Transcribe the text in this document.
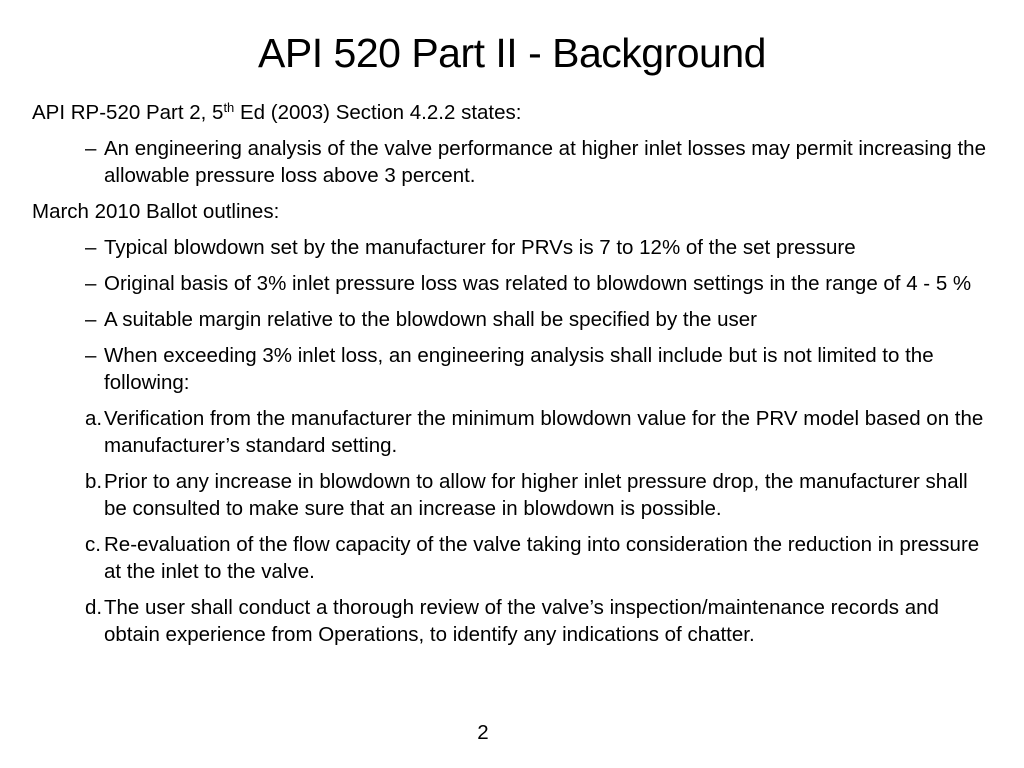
API 520 Part II - Background

API RP-520 Part 2, 5th Ed (2003) Section 4.2.2 states:

– An engineering analysis of the valve performance at higher inlet losses may permit increasing the allowable pressure loss above 3 percent.

March 2010 Ballot outlines:

– Typical blowdown set by the manufacturer for PRVs is 7 to 12% of the set pressure
– Original basis of 3% inlet pressure loss was related to blowdown settings in the range of 4 - 5 %
– A suitable margin relative to the blowdown shall be specified by the user
– When exceeding 3% inlet loss, an engineering analysis shall include but is not limited to the following:
a. Verification from the manufacturer the minimum blowdown value for the PRV model based on the manufacturer’s standard setting.
b. Prior to any increase in blowdown to allow for higher inlet pressure drop, the manufacturer shall be consulted to make sure that an increase in blowdown is possible.
c. Re-evaluation of the flow capacity of the valve taking into consideration the reduction in pressure at the inlet to the valve.
d. The user shall conduct a thorough review of the valve’s inspection/maintenance records and obtain experience from Operations, to identify any indications of chatter.
2
